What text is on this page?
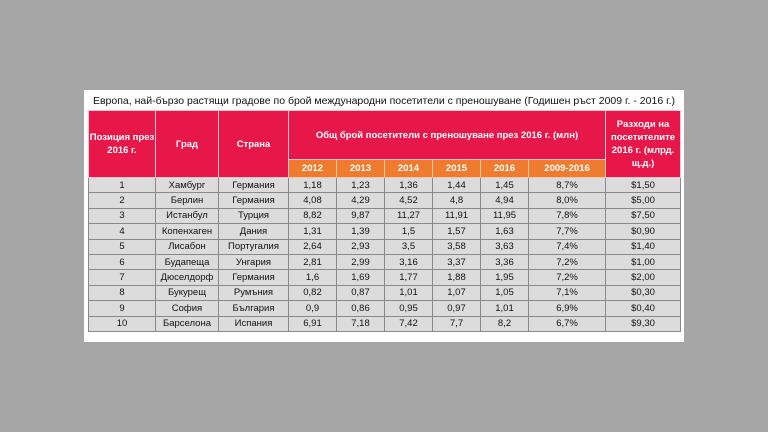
Европа, най-бързо растящи градове по брой международни посетители с преношуване (Годишен ръст 2009 г. - 2016 г.)
Позиция през 2016 г.	Град	Страна	Общ брой посетители с преношуване през 2016 г. (млн)						Разходи на посетителите 2016 г. (млрд. щ.д.)
			2012	2013	2014	2015	2016	2009-2016	
1	Хамбург	Германия	1,18	1,23	1,36	1,44	1,45	8,7%	$1,50
2	Берлин	Германия	4,08	4,29	4,52	4,8	4,94	8,0%	$5,00
3	Истанбул	Турция	8,82	9,87	11,27	11,91	11,95	7,8%	$7,50
4	Копенхаген	Дания	1,31	1,39	1,5	1,57	1,63	7,7%	$0,90
5	Лисабон	Португалия	2,64	2,93	3,5	3,58	3,63	7,4%	$1,40
6	Будапеща	Унгария	2,81	2,99	3,16	3,37	3,36	7,2%	$1,00
7	Дюселдорф	Германия	1,6	1,69	1,77	1,88	1,95	7,2%	$2,00
8	Букурещ	Румъния	0,82	0,87	1,01	1,07	1,05	7,1%	$0,30
9	София	България	0,9	0,86	0,95	0,97	1,01	6,9%	$0,40
10	Барселона	Испания	6,91	7,18	7,42	7,7	8,2	6,7%	$9,30
